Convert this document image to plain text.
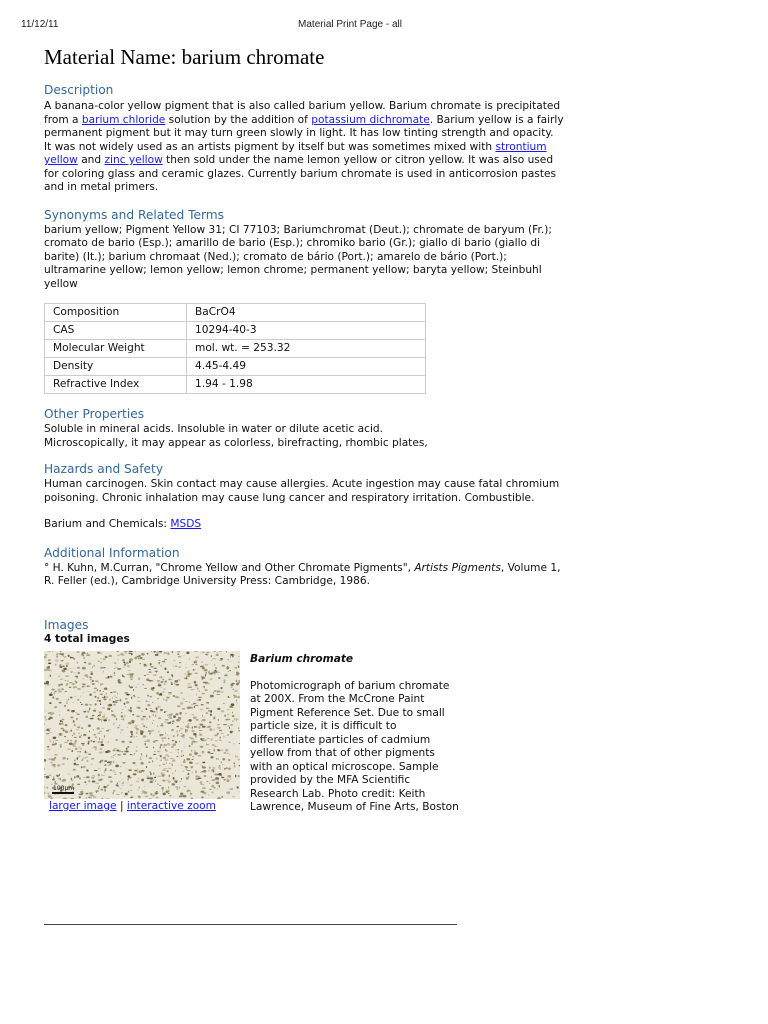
11/12/11	Material Print Page - all
Material Name: barium chromate
Description

A banana-color yellow pigment that is also called barium yellow. Barium chromate is precipitated from a barium chloride solution by the addition of potassium dichromate. Barium yellow is a fairly permanent pigment but it may turn green slowly in light. It has low tinting strength and opacity. It was not widely used as an artists pigment by itself but was sometimes mixed with strontium yellow and zinc yellow then sold under the name lemon yellow or citron yellow. It was also used for coloring glass and ceramic glazes. Currently barium chromate is used in anticorrosion pastes and in metal primers.

Synonyms and Related Terms

barium yellow; Pigment Yellow 31; CI 77103; Bariumchromat (Deut.); chromate de baryum (Fr.); cromato de bario (Esp.); amarillo de bario (Esp.); chromiko bario (Gr.); giallo di bario (giallo di barite) (It.); barium chromaat (Ned.); cromato de bário (Port.); amarelo de bário (Port.); ultramarine yellow; lemon yellow; lemon chrome; permanent yellow; baryta yellow; Steinbuhl yellow

Composition	BaCrO4
CAS	10294-40-3
Molecular Weight	mol. wt. = 253.32
Density	4.45-4.49
Refractive Index	1.94 - 1.98
Other Properties

Soluble in mineral acids. Insoluble in water or dilute acetic acid.

Microscopically, it may appear as colorless, birefracting, rhombic plates,

Hazards and Safety

Human carcinogen. Skin contact may cause allergies. Acute ingestion may cause fatal chromium poisoning. Chronic inhalation may cause lung cancer and respiratory irritation. Combustible.

Barium and Chemicals: MSDS

Additional Information

° H. Kuhn, M.Curran, "Chrome Yellow and Other Chromate Pigments", Artists Pigments, Volume 1, R. Feller (ed.), Cambridge University Press: Cambridge, 1986.

Images

4 total images

100µm
larger image | interactive zoom
Barium chromate
Photomicrograph of barium chromate at 200X. From the McCrone Paint Pigment Reference Set. Due to small particle size, it is difficult to differentiate particles of cadmium yellow from that of other pigments with an optical microscope. Sample provided by the MFA Scientific Research Lab. Photo credit: Keith Lawrence, Museum of Fine Arts, Boston
